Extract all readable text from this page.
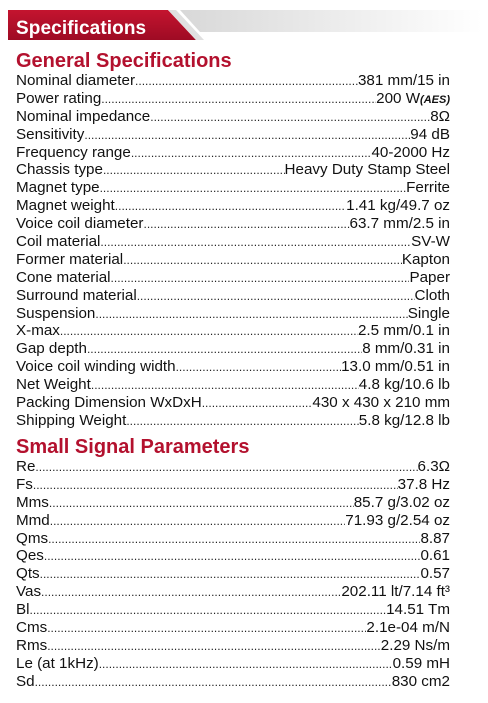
Specifications
General Specifications
Nominal diameter .....	381 mm/15 in
Power rating .....	200 W(AES)
Nominal impedance .....	8Ω
Sensitivity .....	94 dB
Frequency range .....	40-2000 Hz
Chassis type .....	Heavy Duty Stamp Steel
Magnet type .....	Ferrite
Magnet weight .....	1.41 kg/49.7 oz
Voice coil diameter .....	63.7 mm/2.5 in
Coil material .....	SV-W
Former material .....	Kapton
Cone material .....	Paper
Surround material .....	Cloth
Suspension .....	Single
X-max .....	2.5 mm/0.1 in
Gap depth .....	8 mm/0.31 in
Voice coil winding width .....	13.0 mm/0.51 in
Net Weight .....	4.8 kg/10.6 lb
Packing Dimension WxDxH .....	430 x 430 x 210 mm
Shipping Weight .....	5.8 kg/12.8 lb
Small Signal Parameters
Re .....	6.3Ω
Fs .....	37.8 Hz
Mms .....	85.7 g/3.02 oz
Mmd .....	71.93 g/2.54 oz
Qms .....	8.87
Qes .....	0.61
Qts .....	0.57
Vas .....	202.11 lt/7.14 ft³
Bl .....	14.51 Tm
Cms .....	2.1e-04 m/N
Rms .....	2.29 Ns/m
Le (at 1kHz) .....	0.59 mH
Sd .....	830 cm2
